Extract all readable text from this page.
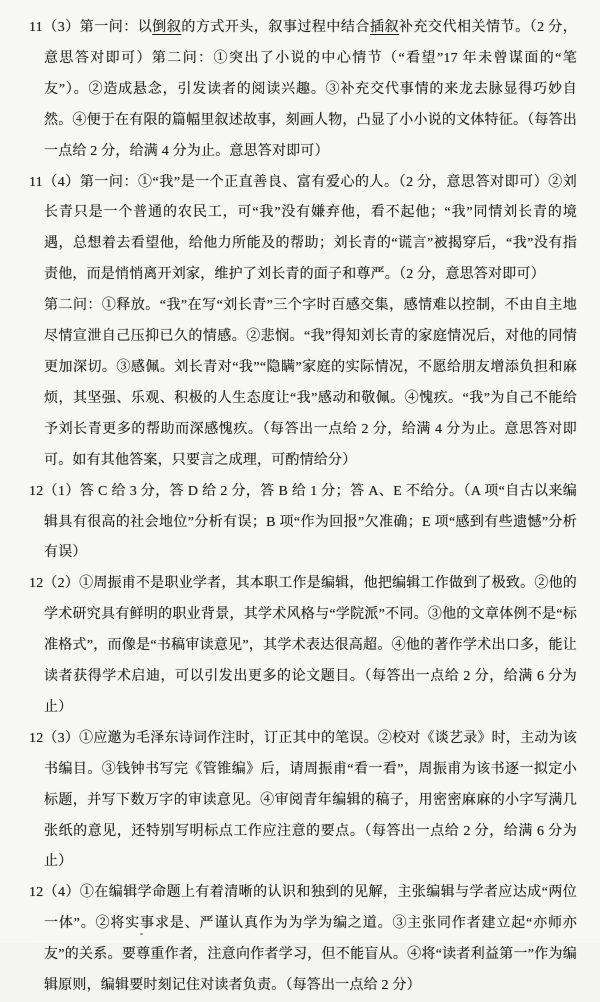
11（3）第一问：以倒叙的方式开头，叙事过程中结合插叙补充交代相关情节。（2 分，意思答对即可）第二问：①突出了小说的中心情节（“看望”17 年未曾谋面的“笔友”）。②造成悬念，引发读者的阅读兴趣。③补充交代事情的来龙去脉显得巧妙自然。④便于在有限的篇幅里叙述故事，刻画人物，凸显了小小说的文体特征。（每答出一点给 2 分，给满 4 分为止。意思答对即可）

11（4）第一问：①“我”是一个正直善良、富有爱心的人。（2 分，意思答对即可）②刘长青只是一个普通的农民工，可“我”没有嫌弃他，看不起他；“我”同情刘长青的境遇，总想着去看望他，给他力所能及的帮助；刘长青的“谎言”被揭穿后，“我”没有指责他，而是悄悄离开刘家，维护了刘长青的面子和尊严。（2 分，意思答对即可）

第二问：①释放。“我”在写“刘长青”三个字时百感交集，感情难以控制，不由自主地尽情宣泄自己压抑已久的情感。②悲悯。“我”得知刘长青的家庭情况后，对他的同情更加深切。③感佩。刘长青对“我”“隐瞒”家庭的实际情况，不愿给朋友增添负担和麻烦，其坚强、乐观、积极的人生态度让“我”感动和敬佩。④愧疚。“我”为自己不能给予刘长青更多的帮助而深感愧疚。（每答出一点给 2 分，给满 4 分为止。意思答对即可。如有其他答案，只要言之成理，可酌情给分）

12（1）答 C 给 3 分，答 D 给 2 分，答 B 给 1 分；答 A、E 不给分。（A 项“自古以来编辑具有很高的社会地位”分析有误；B 项“作为回报”欠准确；E 项“感到有些遗憾”分析有误）

12（2）①周振甫不是职业学者，其本职工作是编辑，他把编辑工作做到了极致。②他的学术研究具有鲜明的职业背景，其学术风格与“学院派”不同。③他的文章体例不是“标准格式”，而像是“书稿审读意见”，其学术表达很高超。④他的著作学术出口多，能让读者获得学术启迪，可以引发出更多的论文题目。（每答出一点给 2 分，给满 6 分为止）

12（3）①应邀为毛泽东诗词作注时，订正其中的笔误。②校对《谈艺录》时，主动为该书编目。③钱钟书写完《管锥编》后，请周振甫“看一看”，周振甫为该书逐一拟定小标题，并写下数万字的审读意见。④审阅青年编辑的稿子，用密密麻麻的小字写满几张纸的意见，还特别写明标点工作应注意的要点。（每答出一点给 2 分，给满 6 分为止）

12（4）①在编辑学命题上有着清晰的认识和独到的见解，主张编辑与学者应达成“两位一体”。②将实事求是、严谨认真作为为学为编之道。③主张同作者建立起“亦师亦友”的关系。要尊重作者，注意向作者学习，但不能盲从。④将“读者利益第一”作为编辑原则，编辑要时刻记住对读者负责。（每答出一点给 2 分）
